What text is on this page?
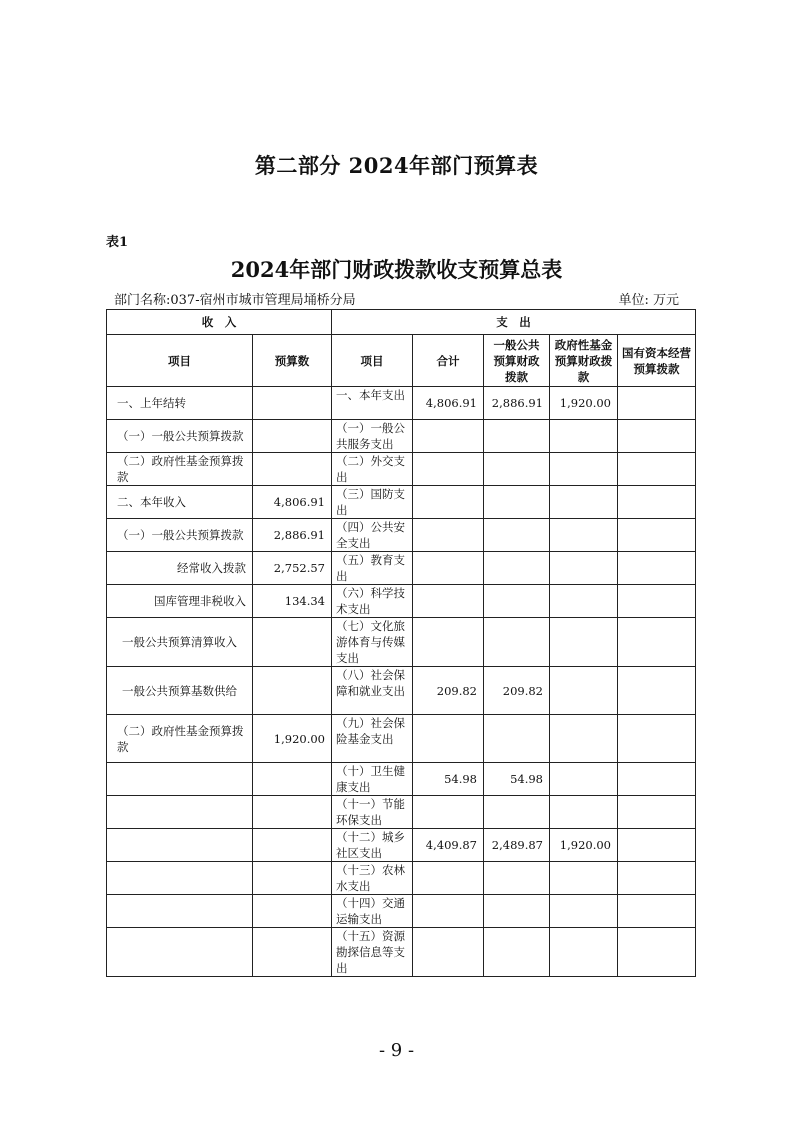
第二部分 2024年部门预算表
表1
2024年部门财政拨款收支预算总表
部门名称:037-宿州市城市管理局埇桥分局	单位: 万元
收　入		支　出				
项目	预算数	项目	合计	一般公共预算财政拨款	政府性基金预算财政拨款	国有资本经营预算拨款
一、上年结转		一、本年支出	4,806.91	2,886.91	1,920.00	
（一）一般公共预算拨款		（一）一般公共服务支出				
（二）政府性基金预算拨款		（二）外交支出				
二、本年收入	4,806.91	（三）国防支出				
（一）一般公共预算拨款	2,886.91	（四）公共安全支出				
经常收入拨款	2,752.57	（五）教育支出				
国库管理非税收入	134.34	（六）科学技术支出				
一般公共预算清算收入		（七）文化旅游体育与传媒支出				
一般公共预算基数供给		（八）社会保障和就业支出	209.82	209.82		
（二）政府性基金预算拨款	1,920.00	（九）社会保险基金支出				
		（十）卫生健康支出	54.98	54.98		
		（十一）节能环保支出				
		（十二）城乡社区支出	4,409.87	2,489.87	1,920.00	
		（十三）农林水支出				
		（十四）交通运输支出				
		（十五）资源勘探信息等支出				
- 9 -
